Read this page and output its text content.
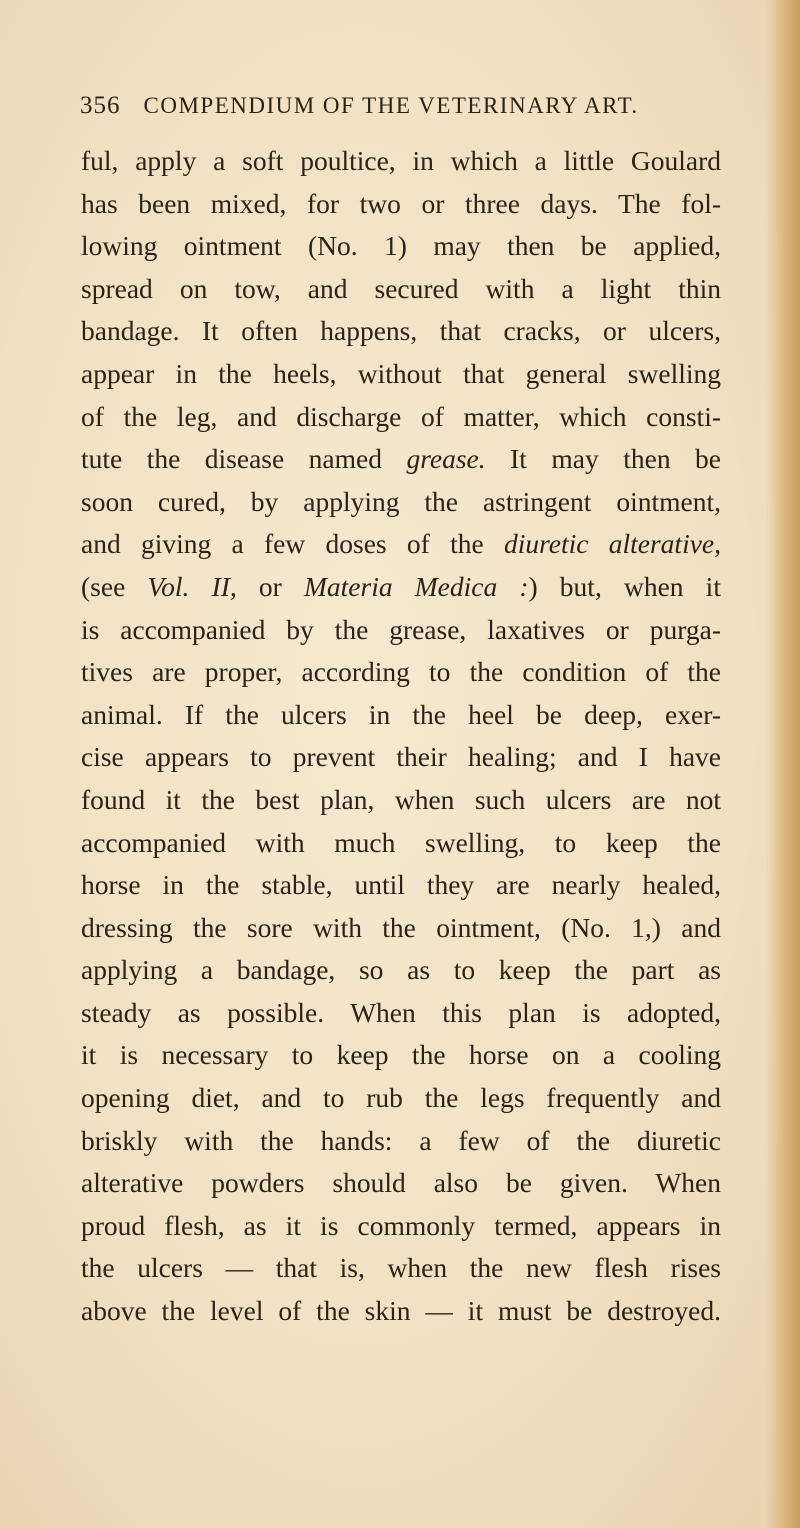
356 COMPENDIUM OF THE VETERINARY ART.
ful, apply a soft poultice, in which a little Goulard
has been mixed, for two or three days. The fol-
lowing ointment (No. 1) may then be applied,
spread on tow, and secured with a light thin
bandage. It often happens, that cracks, or ulcers,
appear in the heels, without that general swelling
of the leg, and discharge of matter, which consti-
tute the disease named grease. It may then be
soon cured, by applying the astringent ointment,
and giving a few doses of the diuretic alterative,
(see Vol. II, or Materia Medica :) but, when it
is accompanied by the grease, laxatives or purga-
tives are proper, according to the condition of the
animal. If the ulcers in the heel be deep, exer-
cise appears to prevent their healing; and I have
found it the best plan, when such ulcers are not
accompanied with much swelling, to keep the
horse in the stable, until they are nearly healed,
dressing the sore with the ointment, (No. 1,) and
applying a bandage, so as to keep the part as
steady as possible. When this plan is adopted,
it is necessary to keep the horse on a cooling
opening diet, and to rub the legs frequently and
briskly with the hands: a few of the diuretic
alterative powders should also be given. When
proud flesh, as it is commonly termed, appears in
the ulcers — that is, when the new flesh rises
above the level of the skin — it must be destroyed.
